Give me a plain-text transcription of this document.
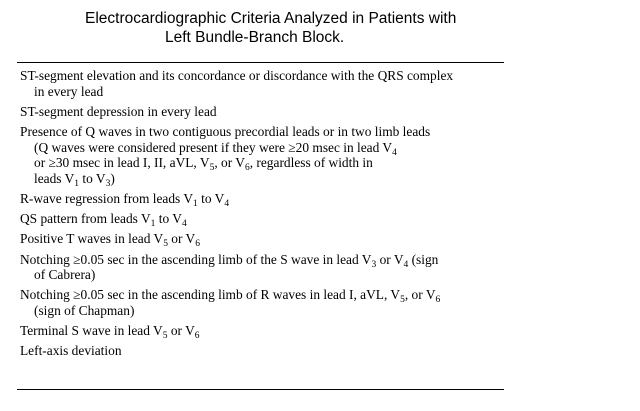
Electrocardiographic Criteria Analyzed in Patients with
Left Bundle-Branch Block.
ST-segment elevation and its concordance or discordance with the QRS complex
in every lead
ST-segment depression in every lead
Presence of Q waves in two contiguous precordial leads or in two limb leads
(Q waves were considered present if they were ≥20 msec in lead $V_4$
or ≥30 msec in lead I, II, aVL, $V_5$, or $V_6$, regardless of width in
leads $V_1$ to $V_3$)
R-wave regression from leads $V_1$ to $V_4$
QS pattern from leads $V_1$ to $V_4$
Positive T waves in lead $V_5$ or $V_6$
Notching ≥0.05 sec in the ascending limb of the S wave in lead $V_3$ or $V_4$ (sign
of Cabrera)
Notching ≥0.05 sec in the ascending limb of R waves in lead I, aVL, $V_5$, or $V_6$
(sign of Chapman)
Terminal S wave in lead $V_5$ or $V_6$
Left-axis deviation
